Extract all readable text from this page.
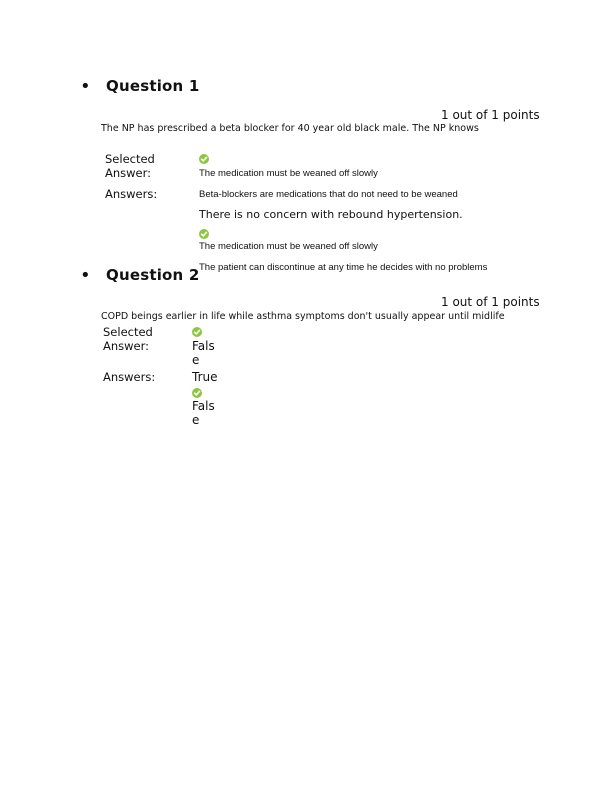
• Question 1
1 out of 1 points
The NP has prescribed a beta blocker for 40 year old black male. The NP knows
Selected
Answer:	The medication must be weaned off slowly
Answers:	Beta-blockers are medications that do not need to be weaned
There is no concern with rebound hypertension.
The medication must be weaned off slowly
The patient can discontinue at any time he decides with no problems
• Question 2
1 out of 1 points
COPD beings earlier in life while asthma symptoms don't usually appear until midlife
Selected
Answer:	False
Answers:	True
False
